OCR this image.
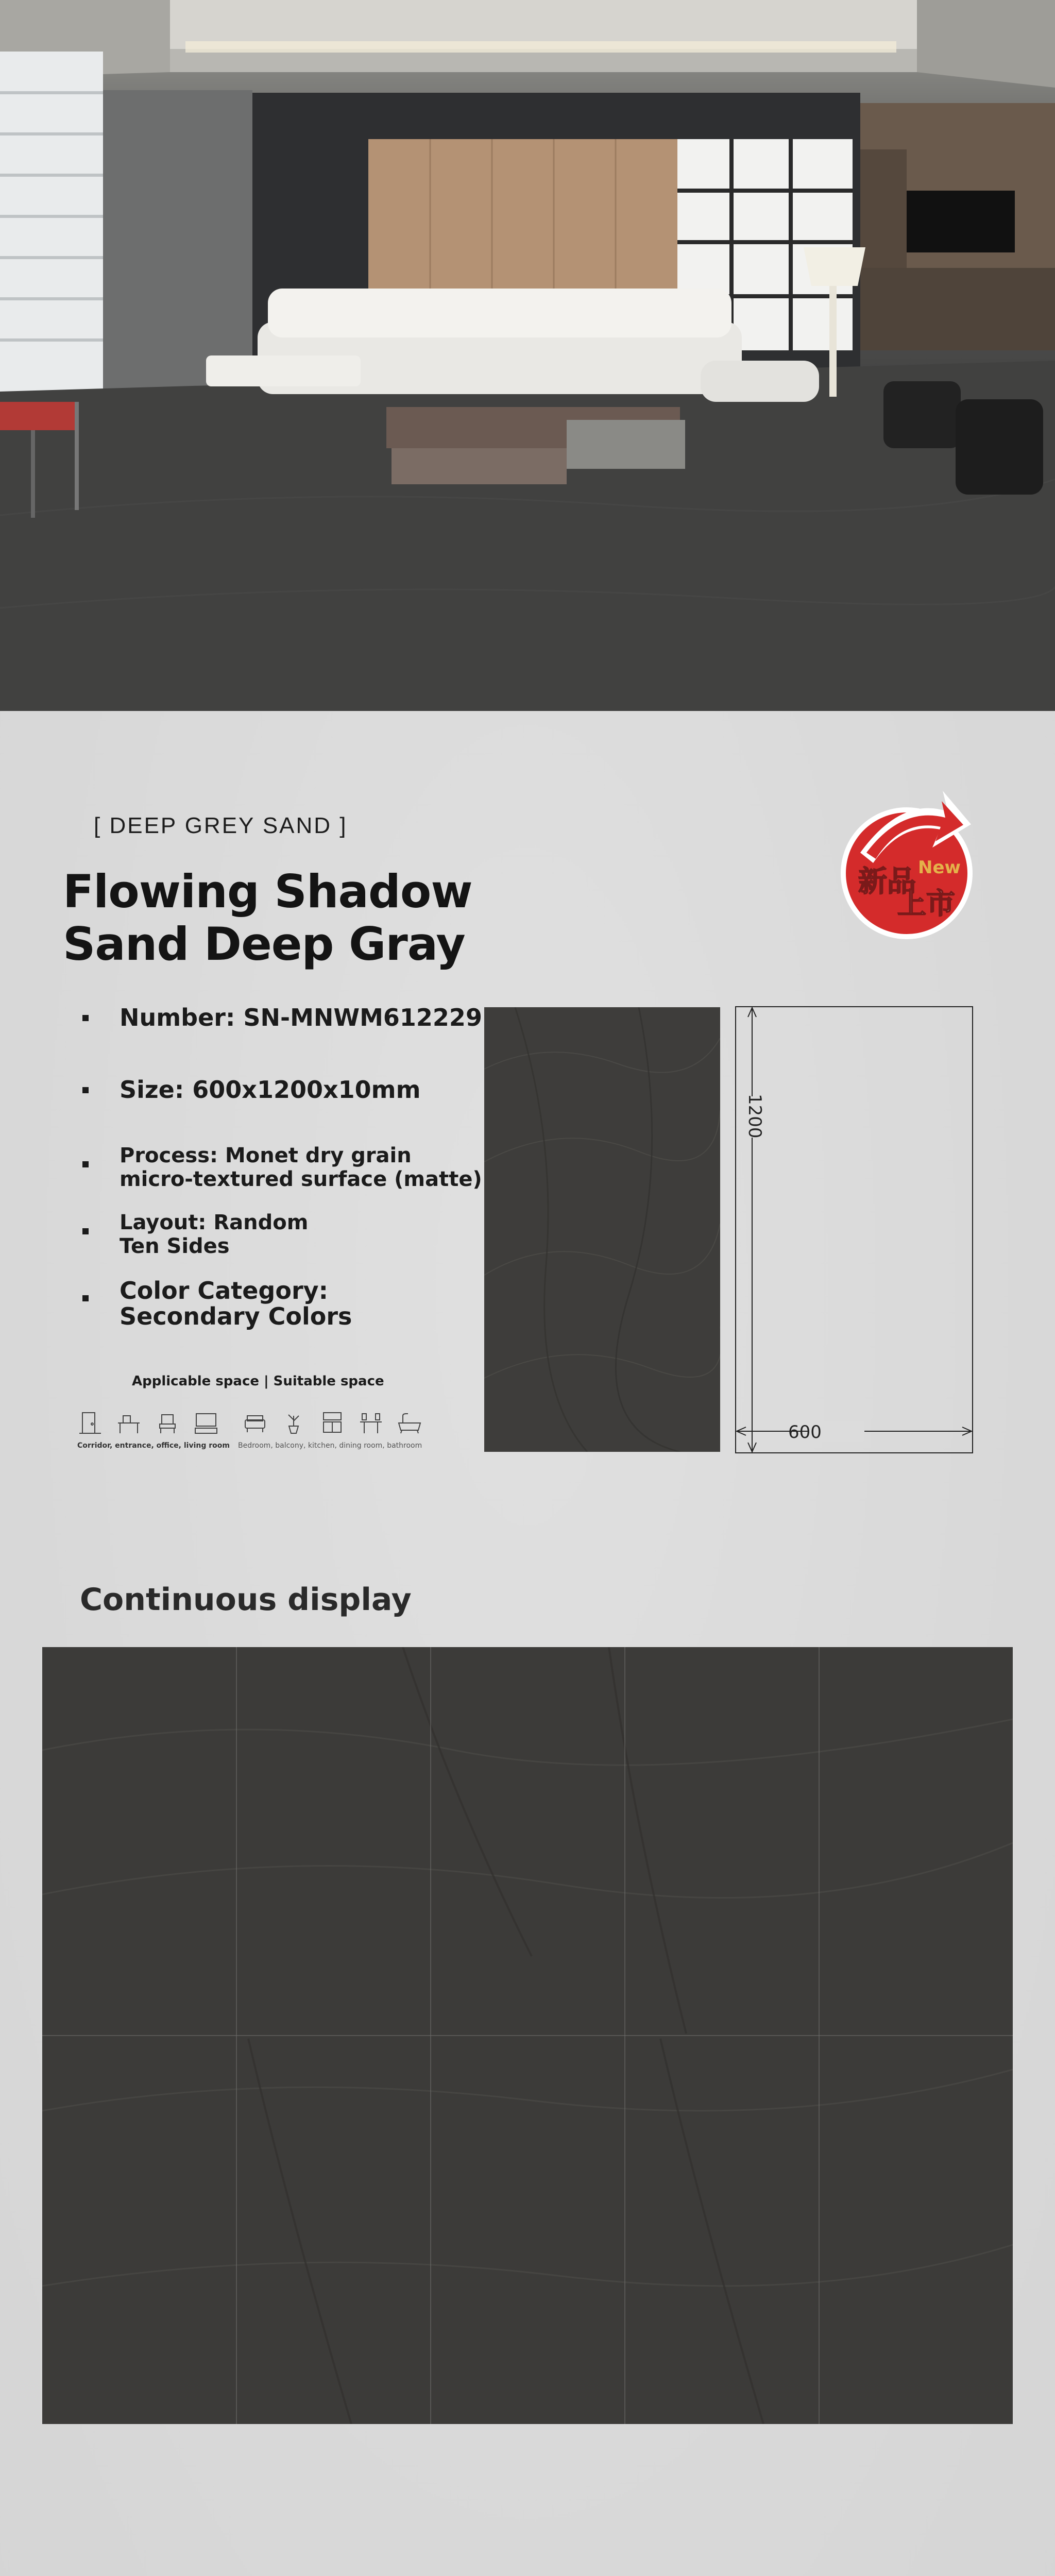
[ DEEP GREY SAND ]
Flowing Shadow
Sand Deep Gray
新品 New
上市
Number: SN-MNWM612229
Size: 600x1200x10mm
Process: Monet dry grain
micro-textured surface (matte)
Layout: Random
Ten Sides
Color Category:
Secondary Colors
Applicable space | Suitable space
Corridor, entrance, office, living room Bedroom, balcony, kitchen, dining room, bathroom
1200
600
Continuous display
